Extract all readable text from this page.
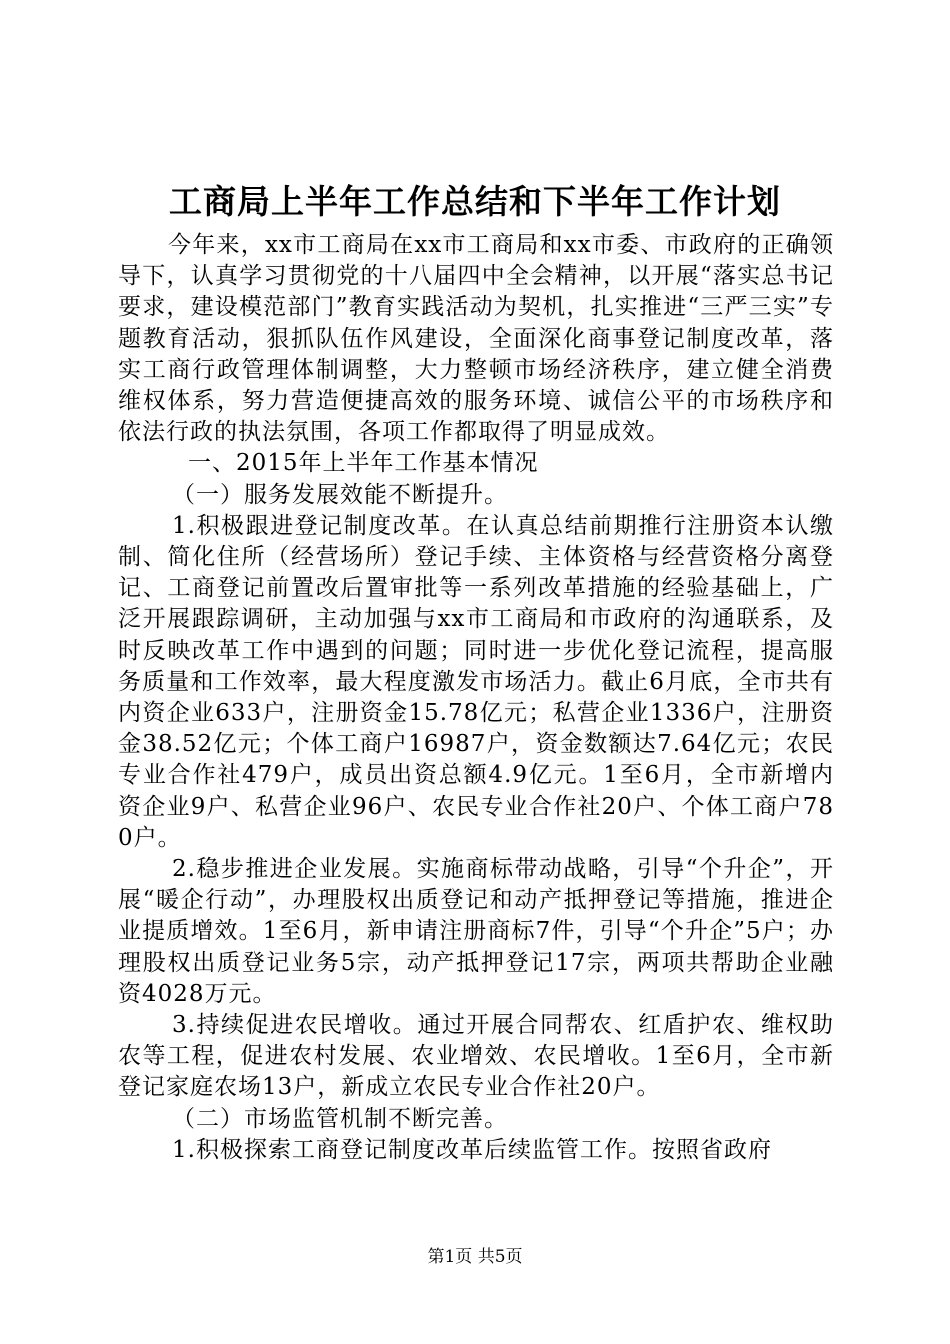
工商局上半年工作总结和下半年工作计划

今年来，xx市工商局在xx市工商局和xx市委、市政府的正确领导下，认真学习贯彻党的十八届四中全会精神，以开展“落实总书记要求，建设模范部门”教育实践活动为契机，扎实推进“三严三实”专题教育活动，狠抓队伍作风建设，全面深化商事登记制度改革，落实工商行政管理体制调整，大力整顿市场经济秩序，建立健全消费维权体系，努力营造便捷高效的服务环境、诚信公平的市场秩序和依法行政的执法氛围，各项工作都取得了明显成效。

一、2015年上半年工作基本情况

（一）服务发展效能不断提升。

1.积极跟进登记制度改革。在认真总结前期推行注册资本认缴制、简化住所（经营场所）登记手续、主体资格与经营资格分离登记、工商登记前置改后置审批等一系列改革措施的经验基础上，广泛开展跟踪调研，主动加强与xx市工商局和市政府的沟通联系，及时反映改革工作中遇到的问题；同时进一步优化登记流程，提高服务质量和工作效率，最大程度激发市场活力。截止6月底，全市共有内资企业633户，注册资金15.78亿元；私营企业1336户，注册资金38.52亿元；个体工商户16987户，资金数额达7.64亿元；农民专业合作社479户，成员出资总额4.9亿元。1至6月，全市新增内资企业9户、私营企业96户、农民专业合作社20户、个体工商户780户。

2.稳步推进企业发展。实施商标带动战略，引导“个升企”，开展“暖企行动”，办理股权出质登记和动产抵押登记等措施，推进企业提质增效。1至6月，新申请注册商标7件，引导“个升企”5户；办理股权出质登记业务5宗，动产抵押登记17宗，两项共帮助企业融资4028万元。

3.持续促进农民增收。通过开展合同帮农、红盾护农、维权助农等工程，促进农村发展、农业增效、农民增收。1至6月，全市新登记家庭农场13户，新成立农民专业合作社20户。

（二）市场监管机制不断完善。

1.积极探索工商登记制度改革后续监管工作。按照省政府

第1页 共5页
